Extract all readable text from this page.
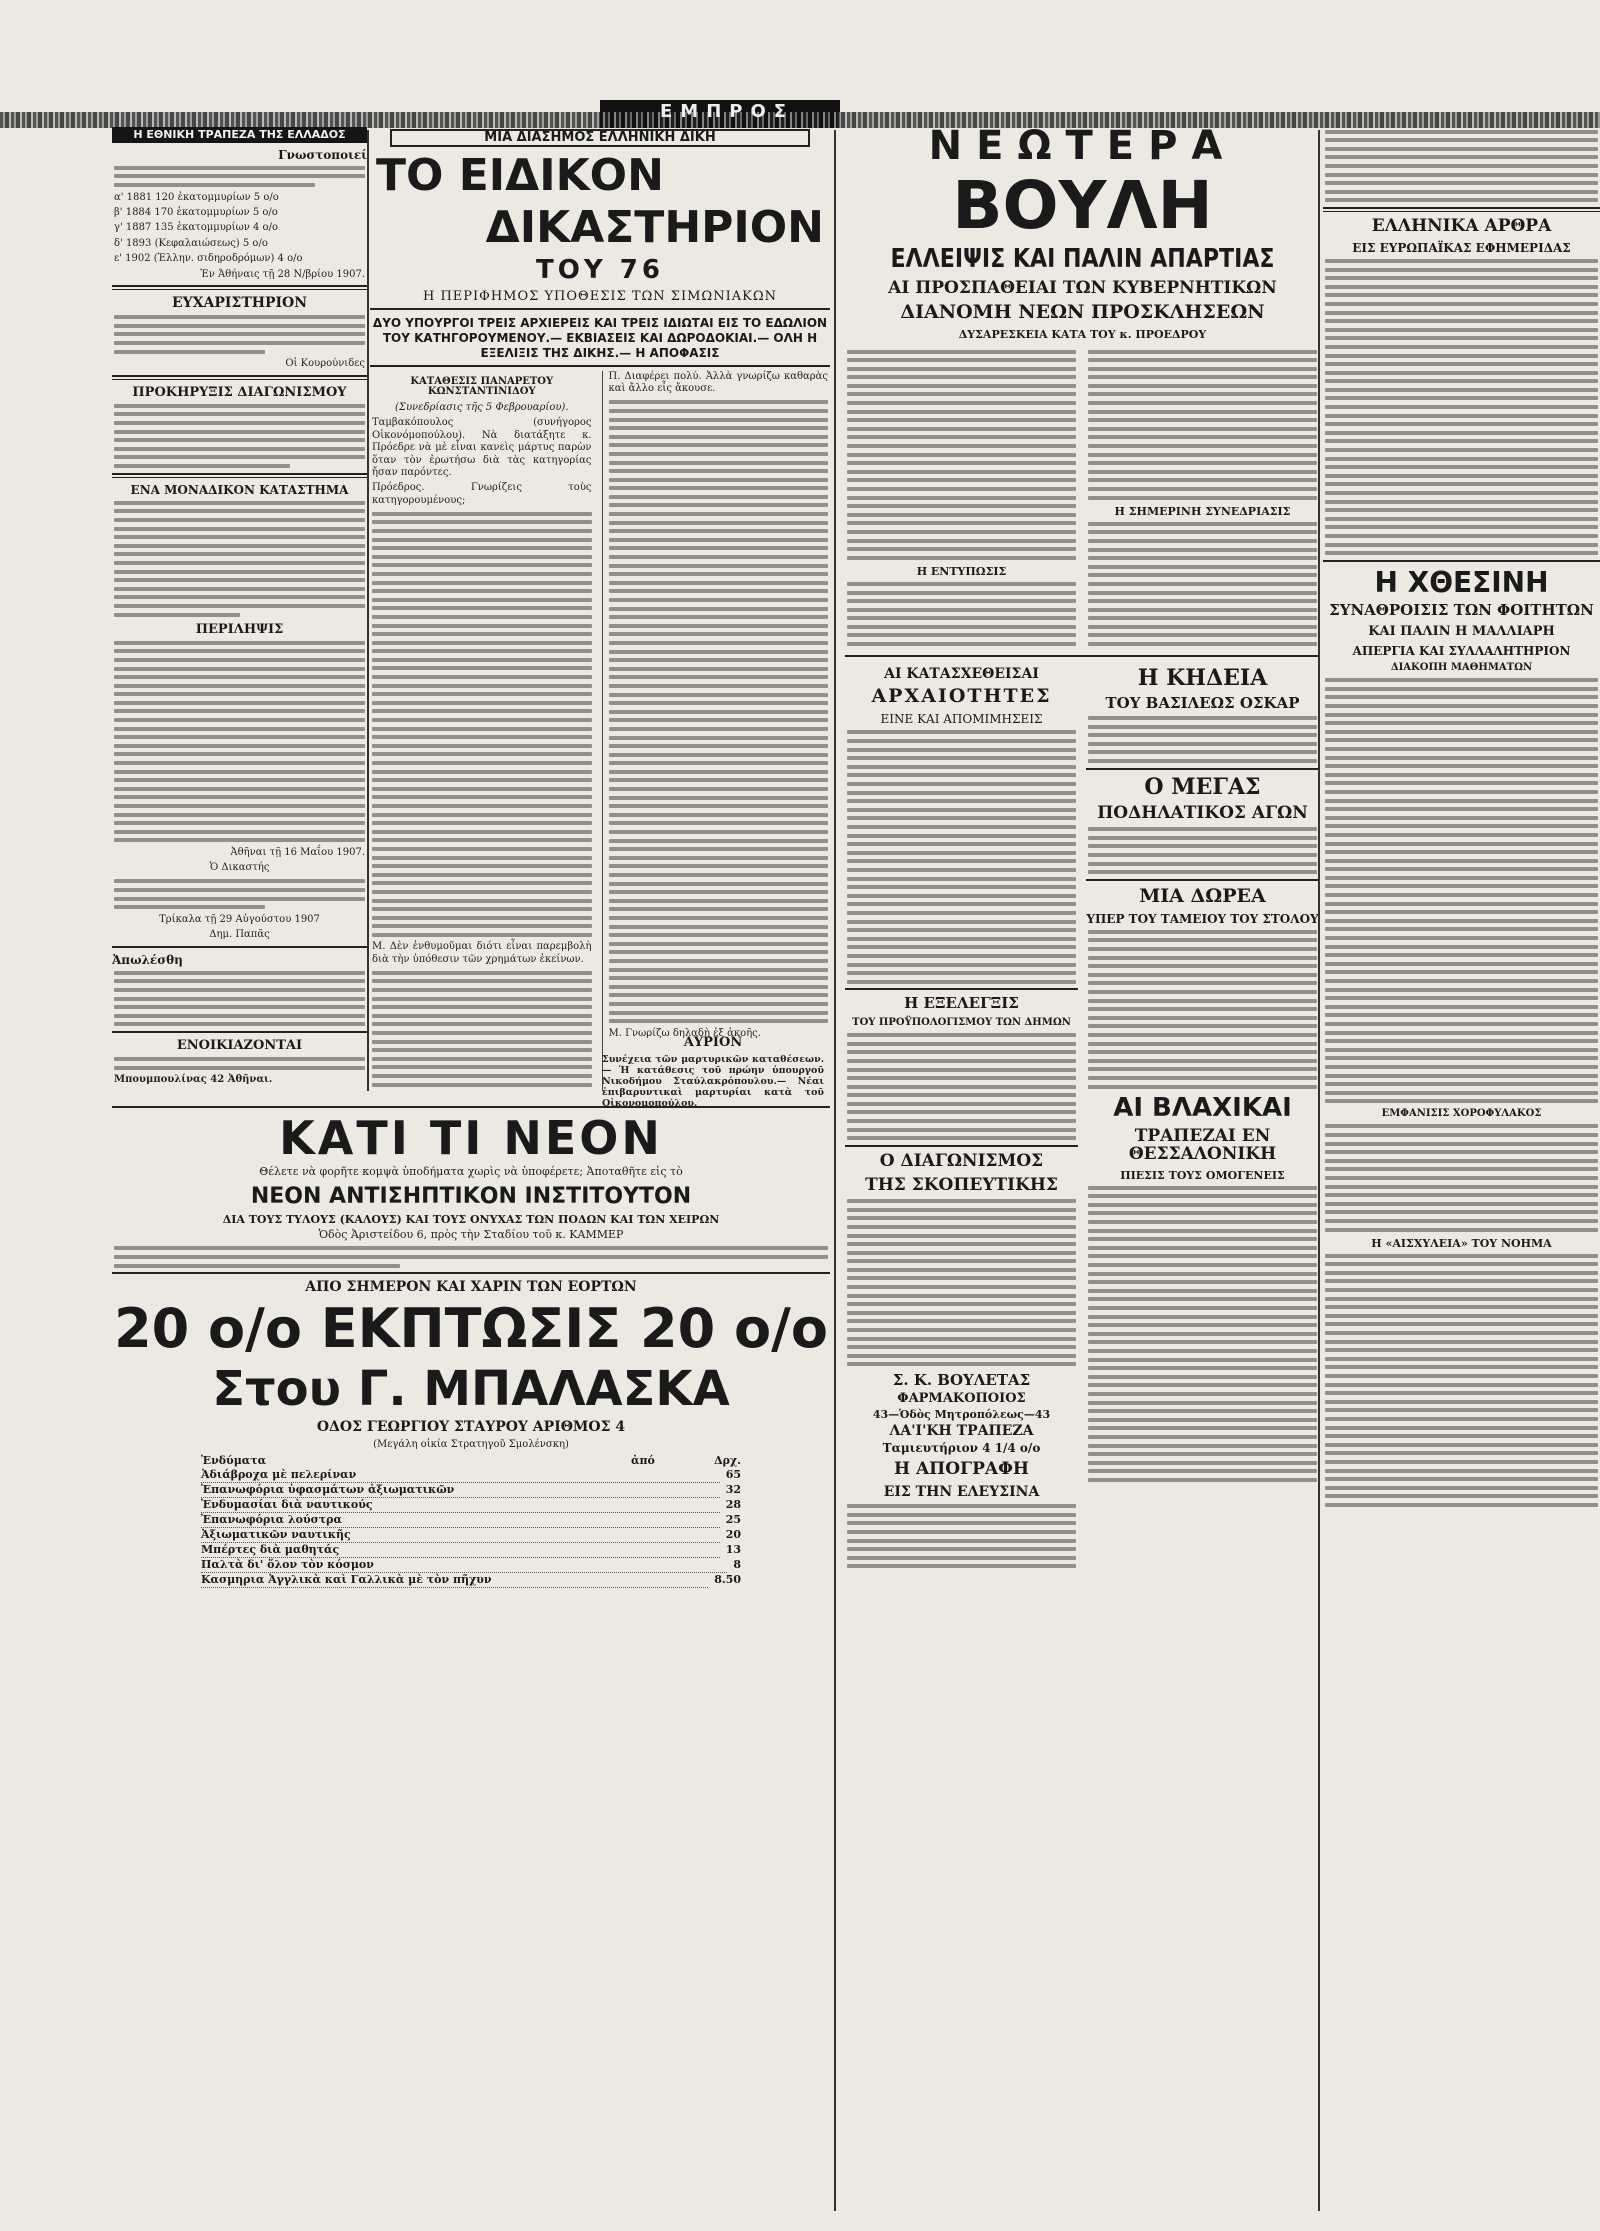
ΕΜΠΡΟΣ
Η ΕΘΝΙΚΗ ΤΡΑΠΕΖΑ ΤΗΣ ΕΛΛΑΔΟΣ
Γνωστοποιεί
α' 1881 120 ἑκατομμυρίων 5 ο/ο
β' 1884 170 ἑκατομμυρίων 5 ο/ο
γ' 1887 135 ἑκατομμυρίων 4 ο/ο
δ' 1893 (Κεφαλαιώσεως) 5 ο/ο
ε' 1902 (Ἑλλην. σιδηροδρόμων) 4 ο/ο
Ἐν Ἀθήναις τῇ 28 Ν/βρίου 1907.
ΕΥΧΑΡΙΣΤΗΡΙΟΝ
Οἱ Κουρούνιδες
ΠΡΟΚΗΡΥΞΙΣ ΔΙΑΓΩΝΙΣΜΟΥ
ΕΝΑ ΜΟΝΑΔΙΚΟΝ ΚΑΤΑΣΤΗΜΑ
ΠΕΡΙΛΗΨΙΣ
Ἀθῆναι τῇ 16 Μαΐου 1907.
Ὁ Δικαστής
Τρίκαλα τῇ 29 Αὐγούστου 1907
Δημ. Παπᾶς
Ἀπωλέσθη
ΕΝΟΙΚΙΑΖΟΝΤΑΙ
Μπουμπουλίνας 42 Ἀθῆναι.
ΜΙΑ ΔΙΑΣΗΜΟΣ ΕΛΛΗΝΙΚΗ ΔΙΚΗ
ΤΟ ΕΙΔΙΚΟΝ
ΔΙΚΑΣΤΗΡΙΟΝ
ΤΟΥ 76
Η ΠΕΡΙΦΗΜΟΣ ΥΠΟΘΕΣΙΣ ΤΩΝ ΣΙΜΩΝΙΑΚΩΝ
ΔΥΟ ΥΠΟΥΡΓΟΙ ΤΡΕΙΣ ΑΡΧΙΕΡΕΙΣ ΚΑΙ ΤΡΕΙΣ ΙΔΙΩΤΑΙ ΕΙΣ ΤΟ ΕΔΩΛΙΟΝ ΤΟΥ ΚΑΤΗΓΟΡΟΥΜΕΝΟΥ.— ΕΚΒΙΑΣΕΙΣ ΚΑΙ ΔΩΡΟΔΟΚΙΑΙ.— ΟΛΗ Η ΕΞΕΛΙΞΙΣ ΤΗΣ ΔΙΚΗΣ.— Η ΑΠΟΦΑΣΙΣ
ΚΑΤΑΘΕΣΙΣ ΠΑΝΑΡΕΤΟΥ ΚΩΝΣΤΑΝΤΙΝΙΔΟΥ
(Συνεδρίασις τῆς 5 Φεβρουαρίου).
Ταμβακόπουλος (συνήγορος Οἰκονόμοπούλου). Νὰ διατάξητε κ. Πρόεδρε νὰ μὲ εἶναι κανεὶς μάρτυς παρὼν ὅταν τὸν ἐρωτήσω διὰ τὰς κατηγορίας ἤσαν παρόντες.
Πρόεδρος. Γνωρίζεις τοὺς κατηγορουμένους;
Μ. Δὲν ἐνθυμοῦμαι διότι εἶναι παρεμβολὴ διὰ τὴν ὑπόθεσιν τῶν χρημάτων ἐκείνων.
Π. Διαφέρει πολύ. Ἀλλὰ γνωρίζω καθαρὰς καὶ ἄλλο εἶς ἄκουσε.
Μ. Γνωρίζω δηλαδὴ ἐξ ἀκοῆς.
ΚΑΤΙ ΤΙ ΝΕΟΝ
Θέλετε νὰ φορῆτε κομψὰ ὑποδήματα χωρὶς νὰ ὑποφέρετε; Ἀποταθῆτε εἰς τὸ
ΝΕΟΝ ΑΝΤΙΣΗΠΤΙΚΟΝ ΙΝΣΤΙΤΟΥΤΟΝ
ΔΙΑ ΤΟΥΣ ΤΥΛΟΥΣ (ΚΑΛΟΥΣ) ΚΑΙ ΤΟΥΣ ΟΝΥΧΑΣ ΤΩΝ ΠΟΔΩΝ ΚΑΙ ΤΩΝ ΧΕΙΡΩΝ
Ὁδὸς Ἀριστείδου 6, πρὸς τὴν Σταδίου τοῦ κ. ΚΑΜΜΕΡ
ΑΠΟ ΣΗΜΕΡΟΝ ΚΑΙ ΧΑΡΙΝ ΤΩΝ ΕΟΡΤΩΝ
20 ο/ο ΕΚΠΤΩΣΙΣ 20 ο/ο
Στου Γ. ΜΠΑΛΑΣΚΑ
ΟΔΟΣ ΓΕΩΡΓΙΟΥ ΣΤΑΥΡΟΥ ΑΡΙΘΜΟΣ 4
(Μεγάλη οἰκία Στρατηγοῦ Σμολένσκη)
Ἐνδύματα	ἀπό	Δρχ.
Ἀδιάβροχα μὲ πελερίναν	65
Ἐπανωφόρια ὑφασμάτων ἀξιωματικῶν	32
Ἐνδυμασίαι διὰ ναυτικούς	28
Ἐπανωφόρια λούστρα	25
Ἀξιωματικῶν ναυτικῆς	20
Μπέρτες διὰ μαθητάς	13
Παλτὰ δι' ὅλον τὸν κόσμον	8
Κασμηρια Ἀγγλικὰ καὶ Γαλλικὰ μὲ τὸν πῆχυν	8.50
ΝΕΩΤΕΡΑ
ΒΟΥΛΗ
ΕΛΛΕΙΨΙΣ ΚΑΙ ΠΑΛΙΝ ΑΠΑΡΤΙΑΣ
ΑΙ ΠΡΟΣΠΑΘΕΙΑΙ ΤΩΝ ΚΥΒΕΡΝΗΤΙΚΩΝ
ΔΙΑΝΟΜΗ ΝΕΩΝ ΠΡΟΣΚΛΗΣΕΩΝ
ΔΥΣΑΡΕΣΚΕΙΑ ΚΑΤΑ ΤΟΥ κ. ΠΡΟΕΔΡΟΥ
Η ΕΝΤΥΠΩΣΙΣ
Η ΣΗΜΕΡΙΝΗ ΣΥΝΕΔΡΙΑΣΙΣ
ΑΙ ΚΑΤΑΣΧΕΘΕΙΣΑΙ
ΑΡΧΑΙΟΤΗΤΕΣ
ΕΙΝΕ ΚΑΙ ΑΠΟΜΙΜΗΣΕΙΣ
Η ΕΞΕΛΕΓΞΙΣ
ΤΟΥ ΠΡΟΫΠΟΛΟΓΙΣΜΟΥ ΤΩΝ ΔΗΜΩΝ
Ο ΔΙΑΓΩΝΙΣΜΟΣ
ΤΗΣ ΣΚΟΠΕΥΤΙΚΗΣ
Σ. Κ. ΒΟΥΛΕΤΑΣ
ΦΑΡΜΑΚΟΠΟΙΟΣ
43—Ὁδὸς Μητροπόλεως—43
ΛΑ'Ι'ΚΗ ΤΡΑΠΕΖΑ
Ταμιευτήριον 4 1/4 ο/ο
Η ΑΠΟΓΡΑΦΗ
ΕΙΣ ΤΗΝ ΕΛΕΥΣΙΝΑ
Η ΚΗΔΕΙΑ
ΤΟΥ ΒΑΣΙΛΕΩΣ ΟΣΚΑΡ
Ο ΜΕΓΑΣ
ΠΟΔΗΛΑΤΙΚΟΣ ΑΓΩΝ
ΜΙΑ ΔΩΡΕΑ
ΥΠΕΡ ΤΟΥ ΤΑΜΕΙΟΥ ΤΟΥ ΣΤΟΛΟΥ
ΑΙ ΒΛΑΧΙΚΑΙ
ΤΡΑΠΕΖΑΙ ΕΝ ΘΕΣΣΑΛΟΝΙΚΗ
ΠΙΕΣΙΣ ΤΟΥΣ ΟΜΟΓΕΝΕΙΣ
ΕΛΛΗΝΙΚΑ ΑΡΘΡΑ
ΕΙΣ ΕΥΡΩΠΑΪΚΑΣ ΕΦΗΜΕΡΙΔΑΣ
Η ΧΘΕΣΙΝΗ
ΣΥΝΑΘΡΟΙΣΙΣ ΤΩΝ ΦΟΙΤΗΤΩΝ
ΚΑΙ ΠΑΛΙΝ Η ΜΑΛΛΙΑΡΗ
ΑΠΕΡΓΙΑ ΚΑΙ ΣΥΛΛΑΛΗΤΗΡΙΟΝ
ΔΙΑΚΟΠΗ ΜΑΘΗΜΑΤΩΝ
ΕΜΦΑΝΙΣΙΣ ΧΟΡΟΦΥΛΑΚΟΣ
Η «ΑΙΣΧΥΛΕΙΑ» ΤΟΥ ΝΟΗΜΑ
ΑΥΡΙΟΝ
Συνέχεια τῶν μαρτυρικῶν καταθέσεων.— Ἡ κατάθεσις τοῦ πρώην ὑπουργοῦ Νικοδήμου Σταύλακρόπουλου.— Νέαι ἐπιβαρυντικαὶ μαρτυρίαι κατὰ τοῦ Οἰκονομοπούλου.
